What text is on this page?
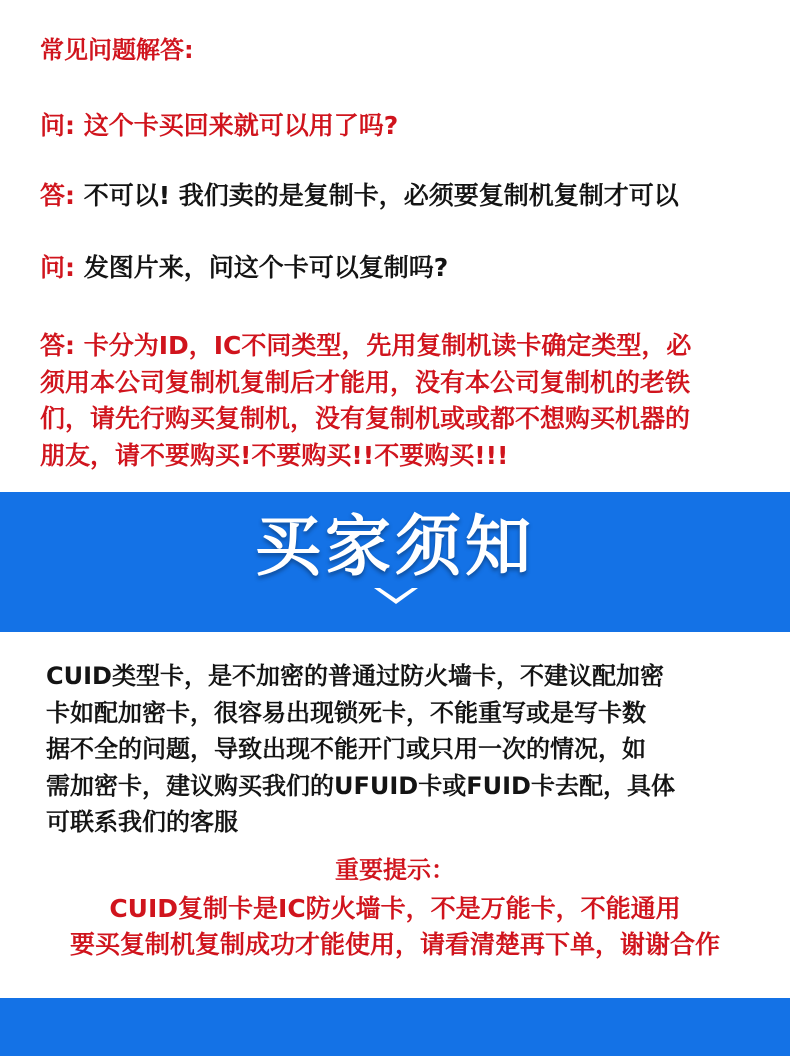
常见问题解答:
问: 这个卡买回来就可以用了吗?
答: 不可以! 我们卖的是复制卡，必须要复制机复制才可以
问: 发图片来，问这个卡可以复制吗?
答: 卡分为ID，IC不同类型，先用复制机读卡确定类型，必
须用本公司复制机复制后才能用，没有本公司复制机的老铁
们，请先行购买复制机，没有复制机或或都不想购买机器的
朋友，请不要购买!不要购买!!不要购买!!!
买家须知
CUID类型卡，是不加密的普通过防火墙卡，不建议配加密
卡如配加密卡，很容易出现锁死卡，不能重写或是写卡数
据不全的问题，导致出现不能开门或只用一次的情况，如
需加密卡，建议购买我们的UFUID卡或FUID卡去配，具体
可联系我们的客服
重要提示：
CUID复制卡是IC防火墙卡，不是万能卡，不能通用
要买复制机复制成功才能使用，请看清楚再下单，谢谢合作
